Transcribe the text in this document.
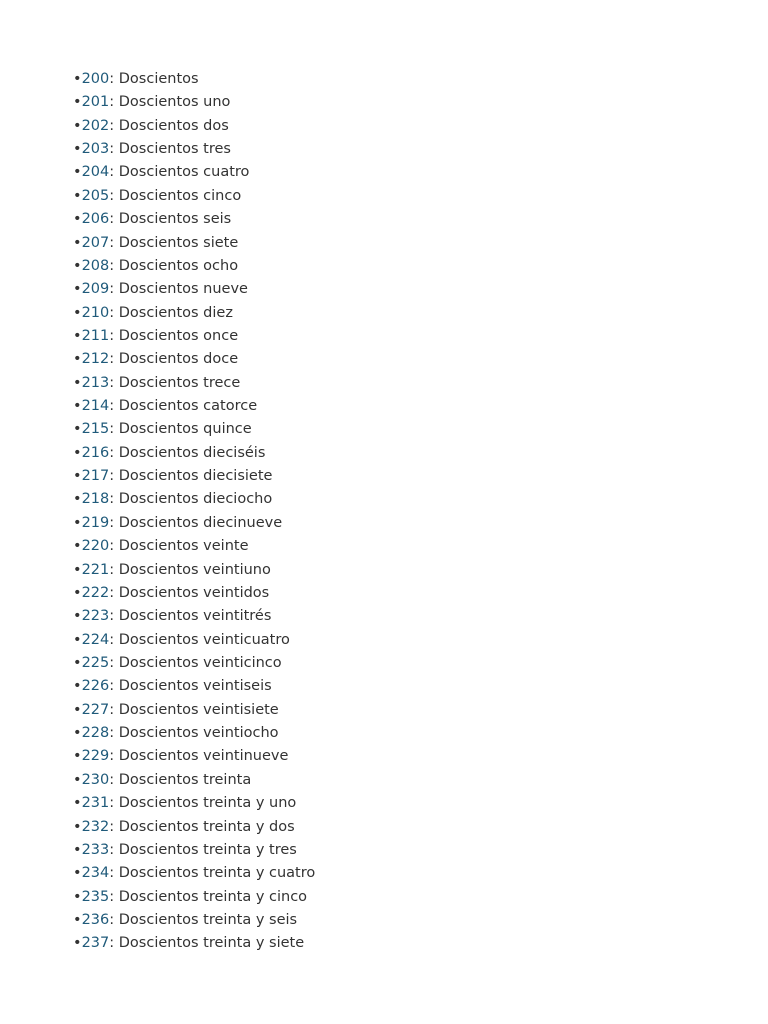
•200: Doscientos
•201: Doscientos uno
•202: Doscientos dos
•203: Doscientos tres
•204: Doscientos cuatro
•205: Doscientos cinco
•206: Doscientos seis
•207: Doscientos siete
•208: Doscientos ocho
•209: Doscientos nueve
•210: Doscientos diez
•211: Doscientos once
•212: Doscientos doce
•213: Doscientos trece
•214: Doscientos catorce
•215: Doscientos quince
•216: Doscientos dieciséis
•217: Doscientos diecisiete
•218: Doscientos dieciocho
•219: Doscientos diecinueve
•220: Doscientos veinte
•221: Doscientos veintiuno
•222: Doscientos veintidos
•223: Doscientos veintitrés
•224: Doscientos veinticuatro
•225: Doscientos veinticinco
•226: Doscientos veintiseis
•227: Doscientos veintisiete
•228: Doscientos veintiocho
•229: Doscientos veintinueve
•230: Doscientos treinta
•231: Doscientos treinta y uno
•232: Doscientos treinta y dos
•233: Doscientos treinta y tres
•234: Doscientos treinta y cuatro
•235: Doscientos treinta y cinco
•236: Doscientos treinta y seis
•237: Doscientos treinta y siete
